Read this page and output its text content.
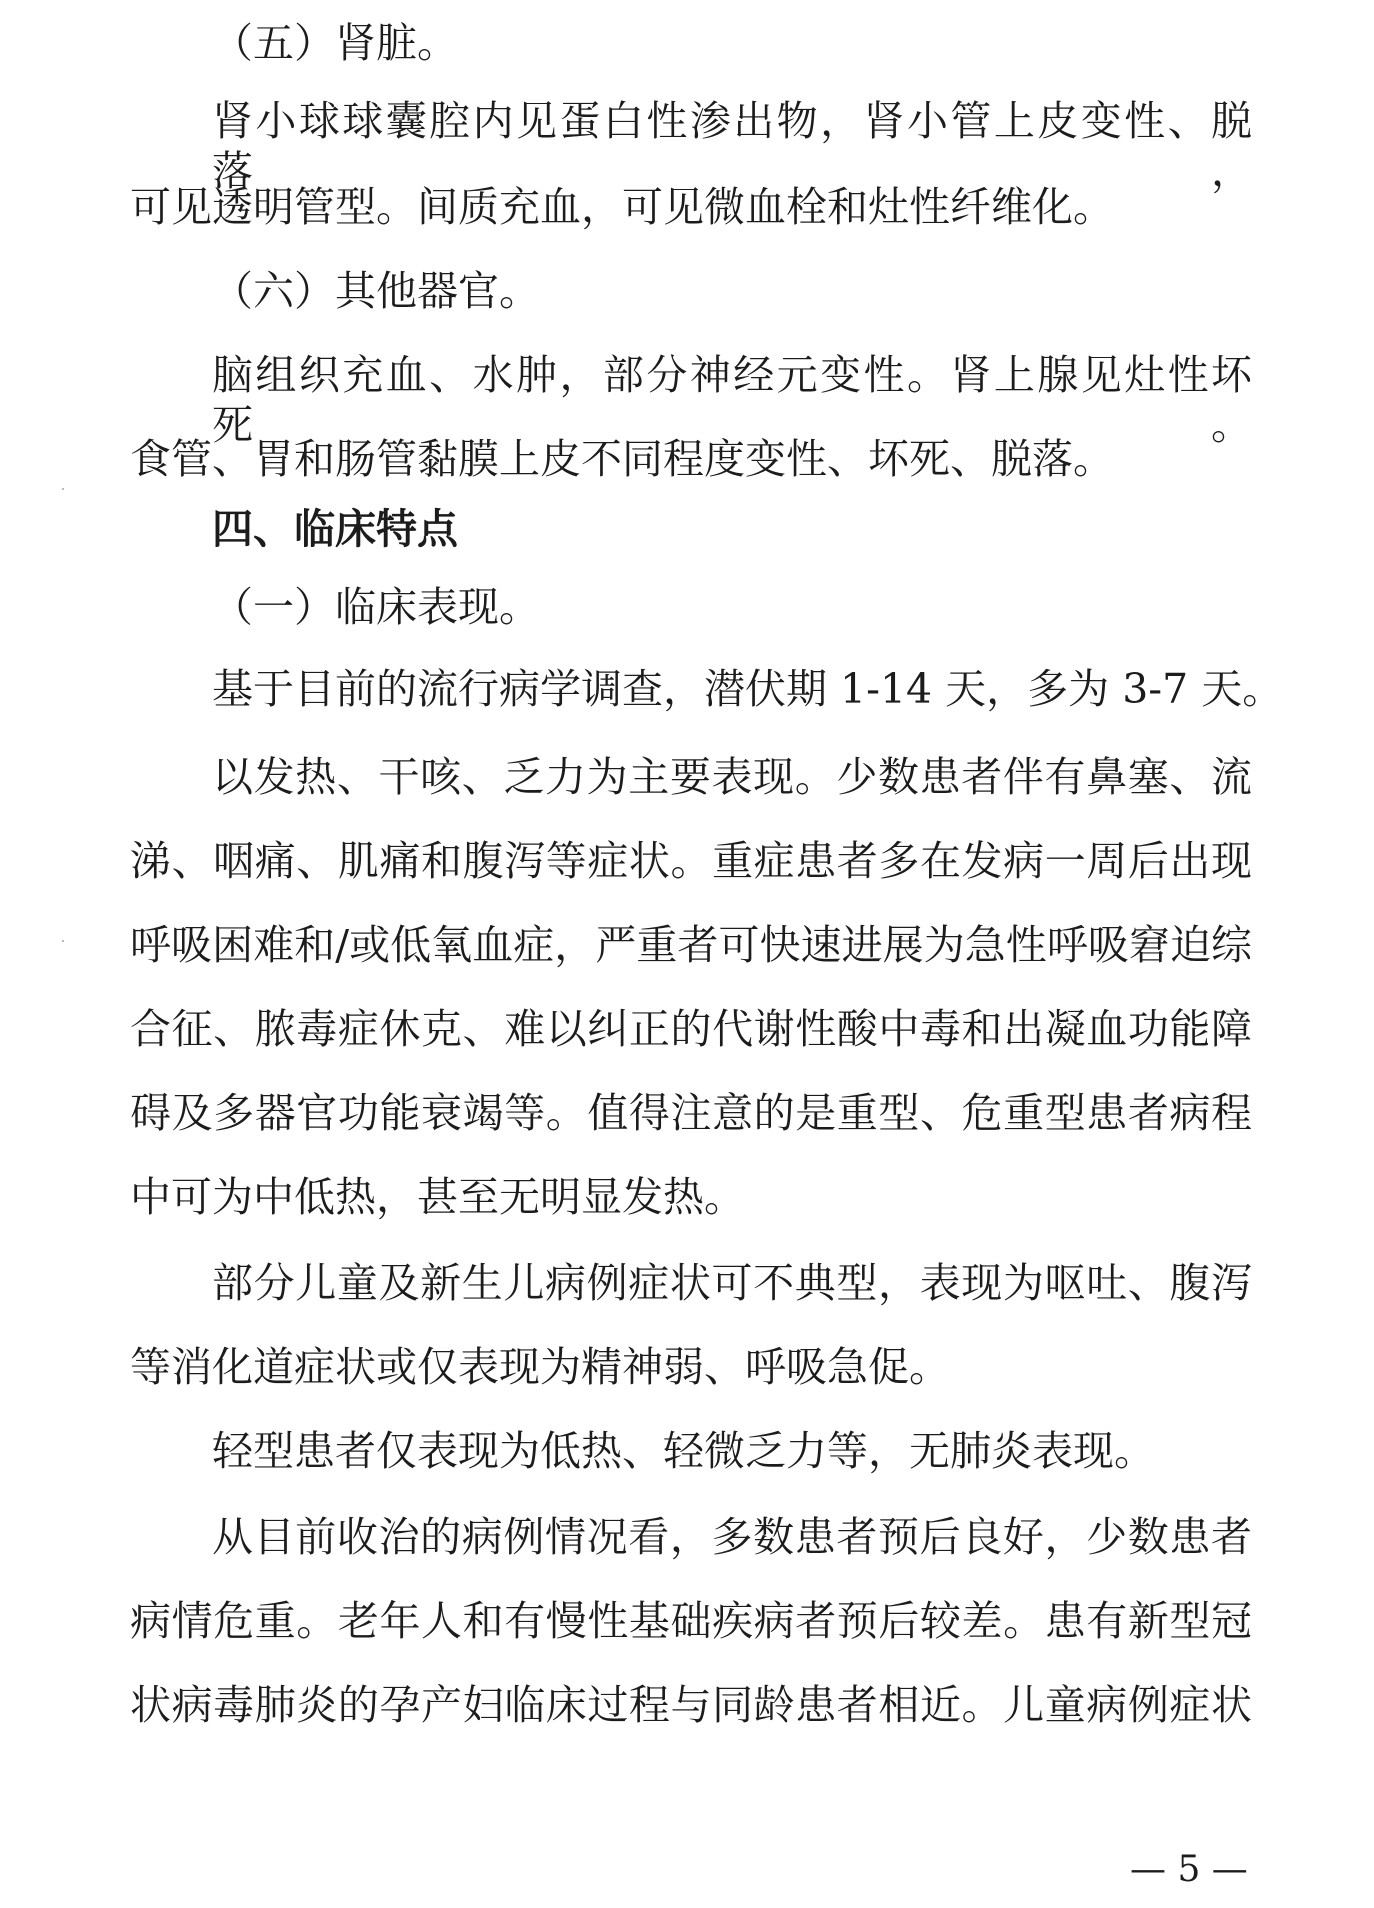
（五）肾脏。
肾小球球囊腔内见蛋白性渗出物，肾小管上皮变性、脱落，
可见透明管型。间质充血，可见微血栓和灶性纤维化。
（六）其他器官。
脑组织充血、水肿，部分神经元变性。肾上腺见灶性坏死。
食管、胃和肠管黏膜上皮不同程度变性、坏死、脱落。
四、临床特点
（一）临床表现。
基于目前的流行病学调查，潜伏期 1-14 天，多为 3-7 天。
以发热、干咳、乏力为主要表现。少数患者伴有鼻塞、流
涕、咽痛、肌痛和腹泻等症状。重症患者多在发病一周后出现
呼吸困难和/或低氧血症，严重者可快速进展为急性呼吸窘迫综
合征、脓毒症休克、难以纠正的代谢性酸中毒和出凝血功能障
碍及多器官功能衰竭等。值得注意的是重型、危重型患者病程
中可为中低热，甚至无明显发热。
部分儿童及新生儿病例症状可不典型，表现为呕吐、腹泻
等消化道症状或仅表现为精神弱、呼吸急促。
轻型患者仅表现为低热、轻微乏力等，无肺炎表现。
从目前收治的病例情况看，多数患者预后良好，少数患者
病情危重。老年人和有慢性基础疾病者预后较差。患有新型冠
状病毒肺炎的孕产妇临床过程与同龄患者相近。儿童病例症状
— 5 —
